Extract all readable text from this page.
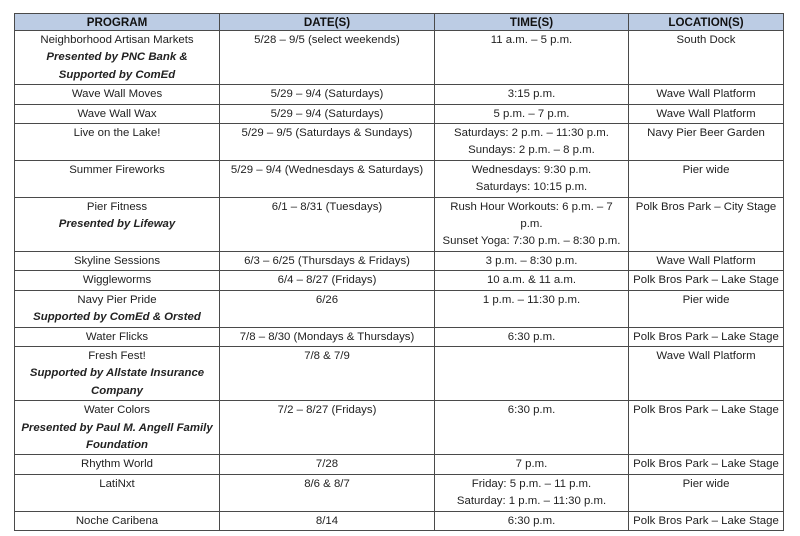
PROGRAM	DATE(S)	TIME(S)	LOCATION(S)

Neighborhood Artisan Markets
Presented by PNC Bank & Supported by ComEd	5/28 – 9/5 (select weekends)	11 a.m. – 5 p.m.	South Dock

Wave Wall Moves	5/29 – 9/4 (Saturdays)	3:15 p.m.	Wave Wall Platform

Wave Wall Wax	5/29 – 9/4 (Saturdays)	5 p.m. – 7 p.m.	Wave Wall Platform

Live on the Lake!	5/29 – 9/5 (Saturdays & Sundays)	Saturdays: 2 p.m. – 11:30 p.m.
Sundays: 2 p.m. – 8 p.m.	Navy Pier Beer Garden

Summer Fireworks	5/29 – 9/4 (Wednesdays & Saturdays)	Wednesdays: 9:30 p.m.
Saturdays: 10:15 p.m.	Pier wide

Pier Fitness
Presented by Lifeway	6/1 – 8/31 (Tuesdays)	Rush Hour Workouts: 6 p.m. – 7 p.m.
Sunset Yoga: 7:30 p.m. – 8:30 p.m.	Polk Bros Park – City Stage

Skyline Sessions	6/3 – 6/25 (Thursdays & Fridays)	3 p.m. – 8:30 p.m.	Wave Wall Platform

Wiggleworms	6/4 – 8/27 (Fridays)	10 a.m. & 11 a.m.	Polk Bros Park – Lake Stage

Navy Pier Pride
Supported by ComEd & Orsted	6/26	1 p.m. – 11:30 p.m.	Pier wide

Water Flicks	7/8 – 8/30 (Mondays & Thursdays)	6:30 p.m.	Polk Bros Park – Lake Stage

Fresh Fest!
Supported by Allstate Insurance Company	7/8 & 7/9		Wave Wall Platform

Water Colors
Presented by Paul M. Angell Family Foundation	7/2 – 8/27 (Fridays)	6:30 p.m.	Polk Bros Park – Lake Stage

Rhythm World	7/28	7 p.m.	Polk Bros Park – Lake Stage

LatiNxt	8/6 & 8/7	Friday: 5 p.m. – 11 p.m.
Saturday: 1 p.m. – 11:30 p.m.	Pier wide

Noche Caribena	8/14	6:30 p.m.	Polk Bros Park – Lake Stage
